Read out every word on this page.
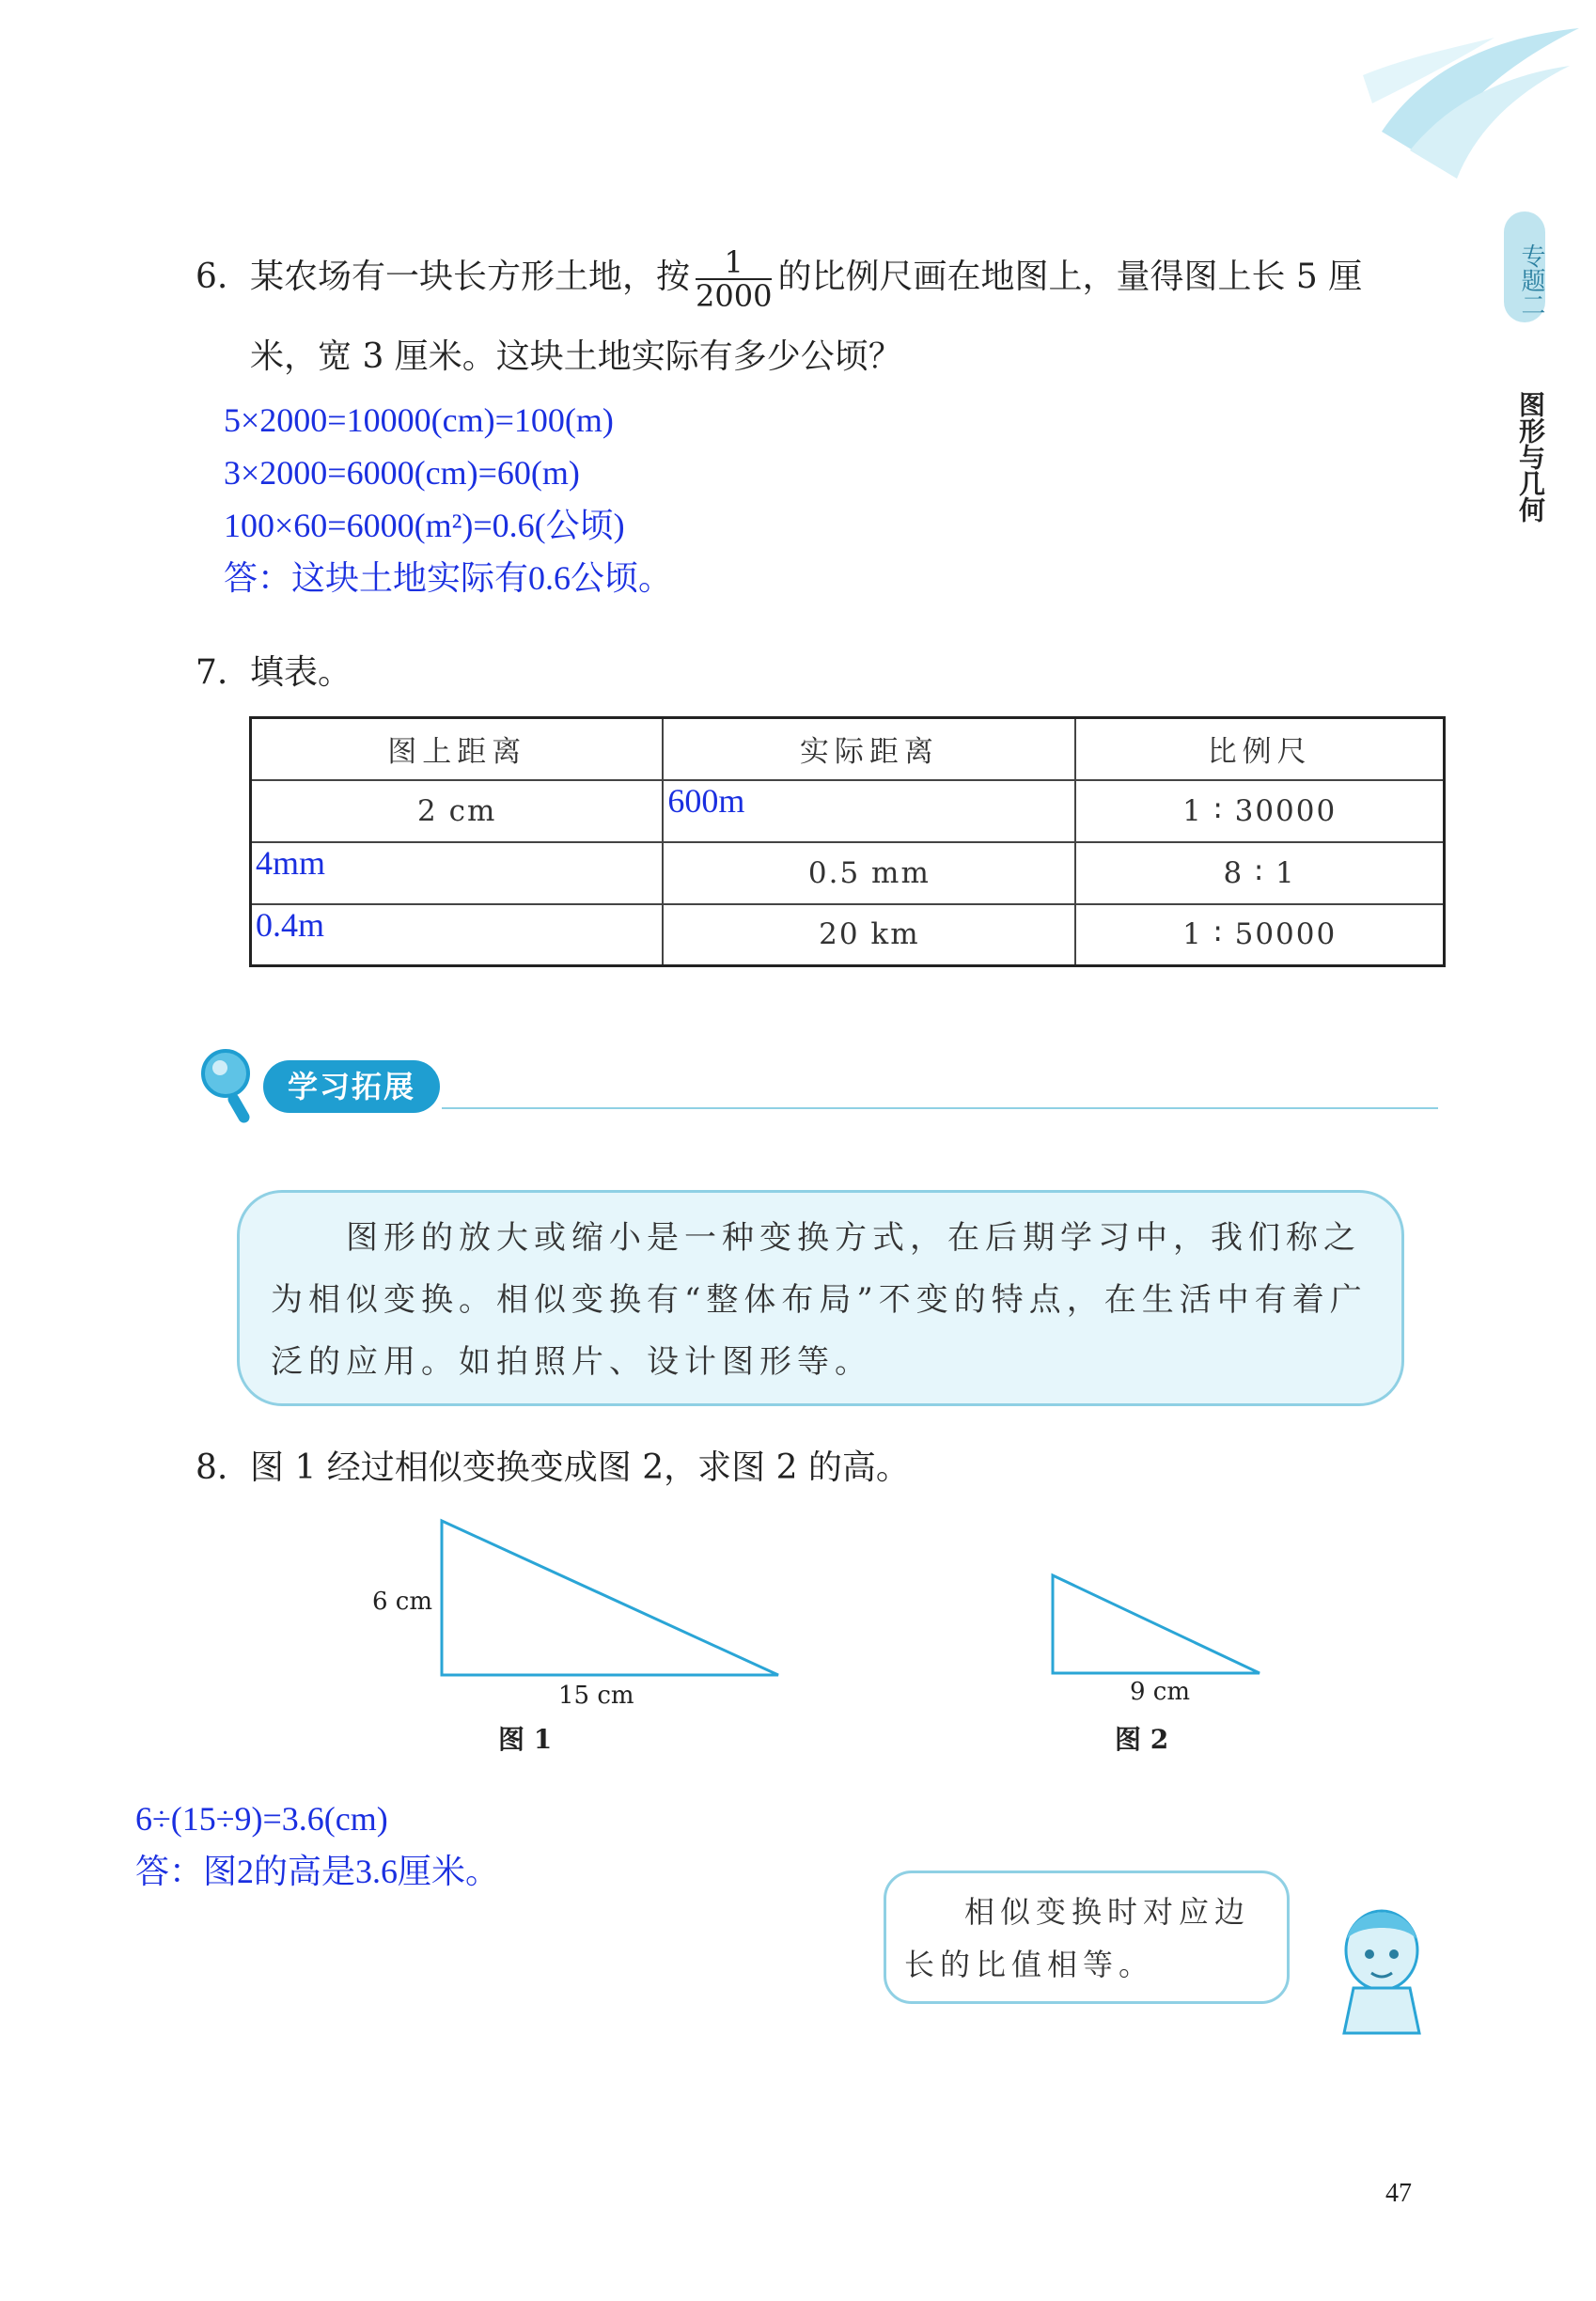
专题二
图形与几何
6. 某农场有一块长方形土地，按 $\frac{1}{2000}$ 的比例尺画在地图上，量得图上长 5 厘
米，宽 3 厘米。这块土地实际有多少公顷？
5×2000=10000(cm)=100(m)
3×2000=6000(cm)=60(m)
100×60=6000(m²)=0.6(公顷)
答：这块土地实际有0.6公顷。
7. 填表。
图上距离	实际距离	比例尺
2 cm	600m	1 ∶ 30000
4mm	0.5 mm	8 ∶ 1
0.4m	20 km	1 ∶ 50000
学习拓展
图形的放大或缩小是一种变换方式，在后期学习中，我们称之为相似变换。相似变换有“整体布局”不变的特点，在生活中有着广泛的应用。如拍照片、设计图形等。
8. 图 1 经过相似变换变成图 2，求图 2 的高。
6 cm
15 cm
图 1
9 cm
图 2
6÷(15÷9)=3.6(cm)
答：图2的高是3.6厘米。
相似变换时对应边长的比值相等。
47
